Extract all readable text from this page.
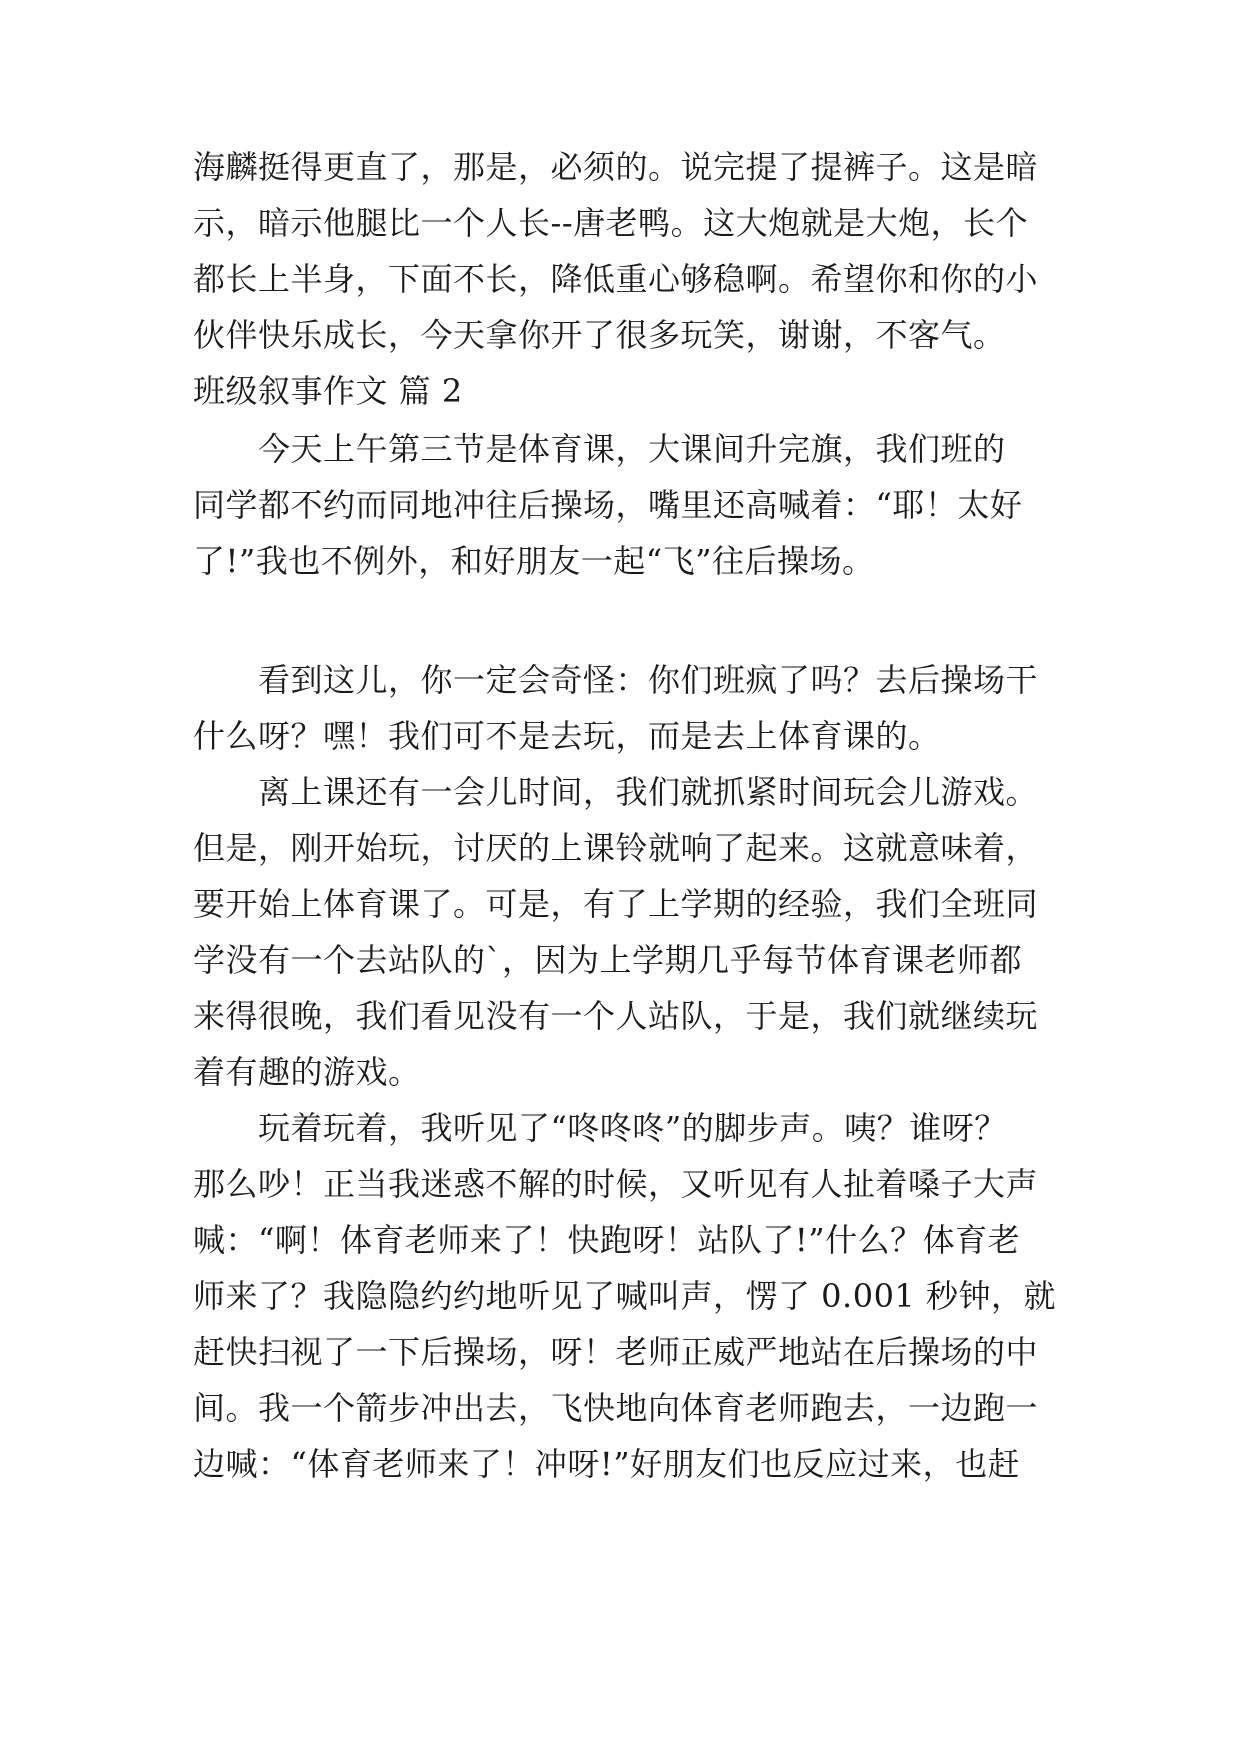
海麟挺得更直了，那是，必须的。说完提了提裤子。这是暗
示，暗示他腿比一个人长--唐老鸭。这大炮就是大炮，长个
都长上半身，下面不长，降低重心够稳啊。希望你和你的小
伙伴快乐成长，今天拿你开了很多玩笑，谢谢，不客气。
班级叙事作文 篇 2
　　今天上午第三节是体育课，大课间升完旗，我们班的
同学都不约而同地冲往后操场，嘴里还高喊着：“耶！太好
了!”我也不例外，和好朋友一起“飞”往后操场。
　　看到这儿，你一定会奇怪：你们班疯了吗？去后操场干
什么呀？嘿！我们可不是去玩，而是去上体育课的。
　　离上课还有一会儿时间，我们就抓紧时间玩会儿游戏。
但是，刚开始玩，讨厌的上课铃就响了起来。这就意味着，
要开始上体育课了。可是，有了上学期的经验，我们全班同
学没有一个去站队的`，因为上学期几乎每节体育课老师都
来得很晚，我们看见没有一个人站队，于是，我们就继续玩
着有趣的游戏。
　　玩着玩着，我听见了“咚咚咚”的脚步声。咦？谁呀？
那么吵！正当我迷惑不解的时候，又听见有人扯着嗓子大声
喊：“啊！体育老师来了！快跑呀！站队了!”什么？体育老
师来了？我隐隐约约地听见了喊叫声，愣了 0.001 秒钟，就
赶快扫视了一下后操场，呀！老师正威严地站在后操场的中
间。我一个箭步冲出去，飞快地向体育老师跑去，一边跑一
边喊：“体育老师来了！冲呀!”好朋友们也反应过来，也赶
